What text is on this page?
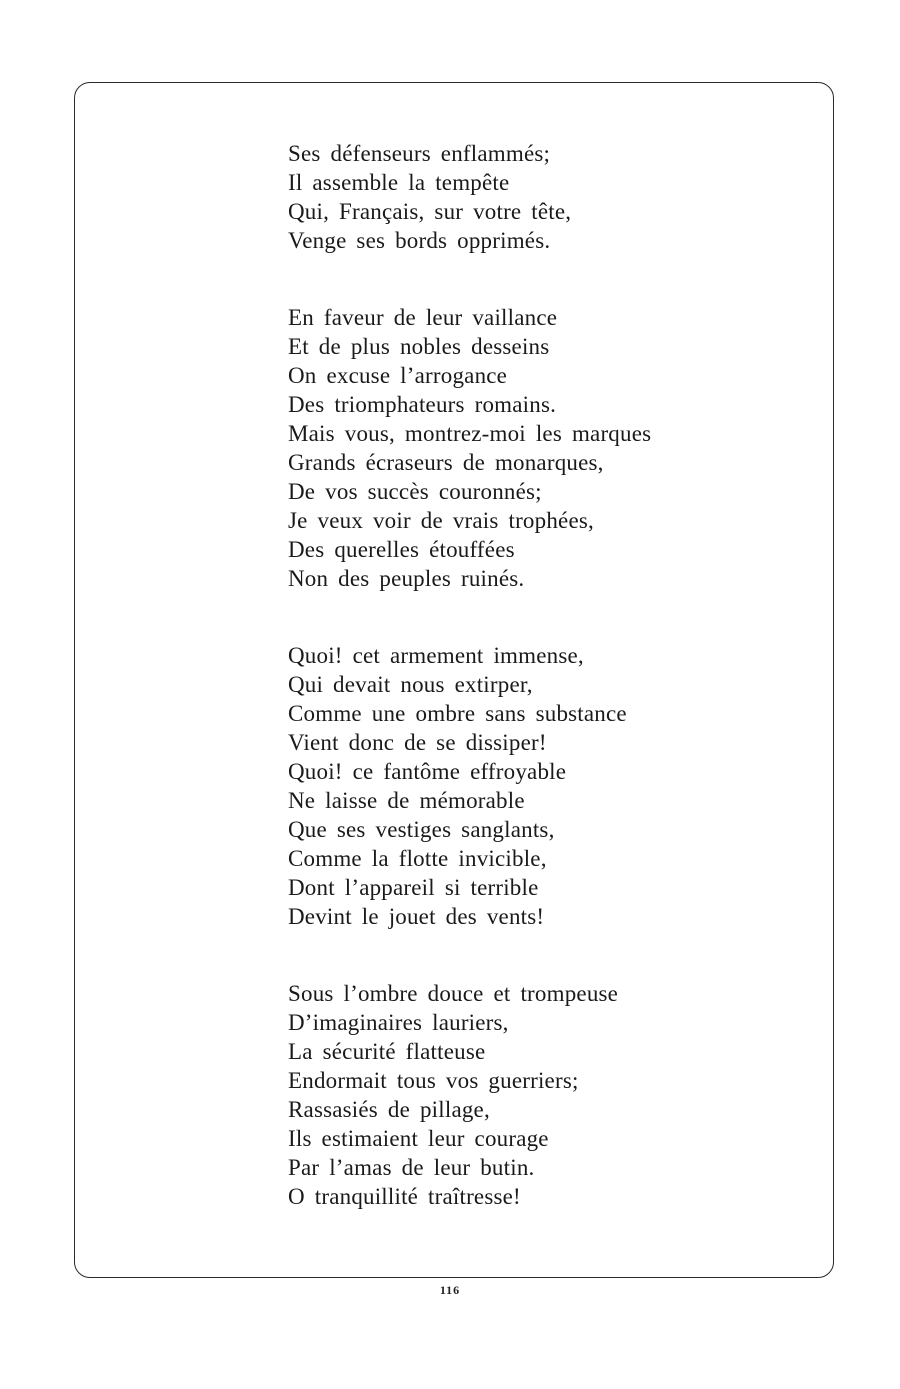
Ses défenseurs enflammés;
Il assemble la tempête
Qui, Français, sur votre tête,
Venge ses bords opprimés.
En faveur de leur vaillance
Et de plus nobles desseins
On excuse l’arrogance
Des triomphateurs romains.
Mais vous, montrez-moi les marques
Grands écraseurs de monarques,
De vos succès couronnés;
Je veux voir de vrais trophées,
Des querelles étouffées
Non des peuples ruinés.
Quoi! cet armement immense,
Qui devait nous extirper,
Comme une ombre sans substance
Vient donc de se dissiper!
Quoi! ce fantôme effroyable
Ne laisse de mémorable
Que ses vestiges sanglants,
Comme la flotte invicible,
Dont l’appareil si terrible
Devint le jouet des vents!
Sous l’ombre douce et trompeuse
D’imaginaires lauriers,
La sécurité flatteuse
Endormait tous vos guerriers;
Rassasiés de pillage,
Ils estimaient leur courage
Par l’amas de leur butin.
O tranquillité traîtresse!
116
